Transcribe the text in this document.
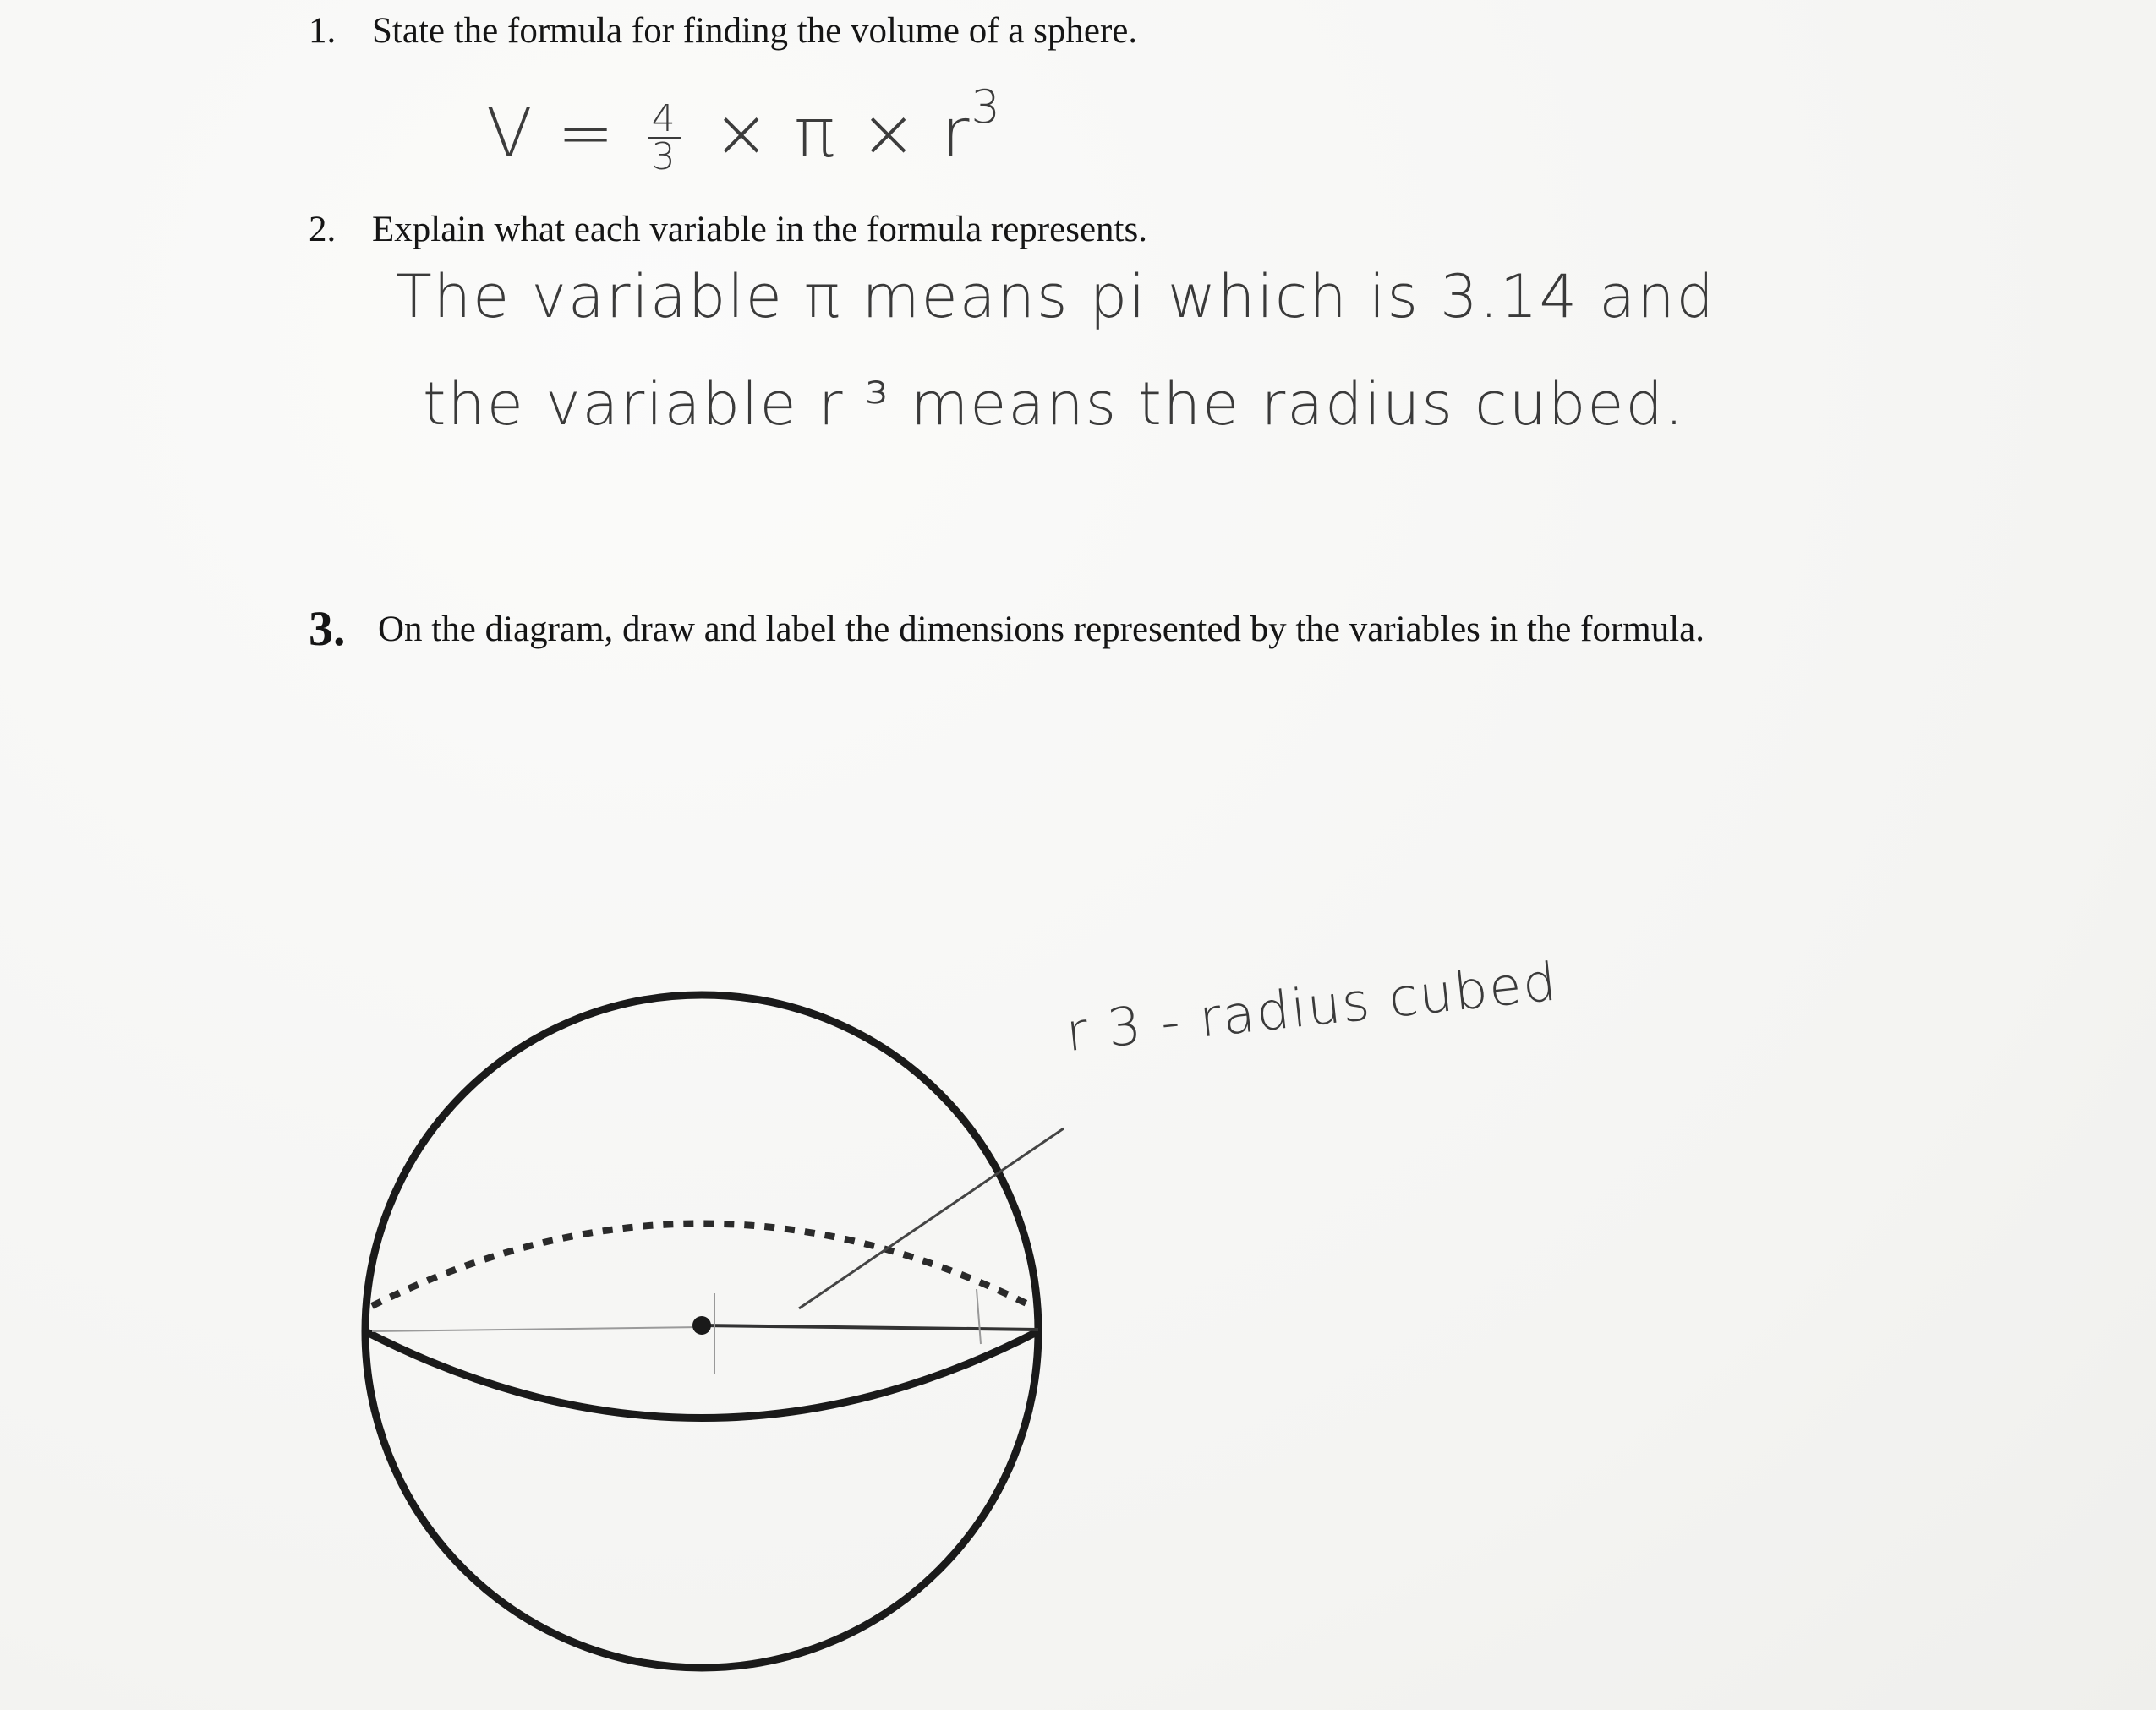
1. State the formula for finding the volume of a sphere.
$V = \frac{4}{3} \times \pi \times r^3$
2. Explain what each variable in the formula represents.
The variable π means pi which is 3.14 and
the variable r ³ means the radius cubed.
3. On the diagram, draw and label the dimensions represented by the variables in the formula.
r 3 - radius cubed
